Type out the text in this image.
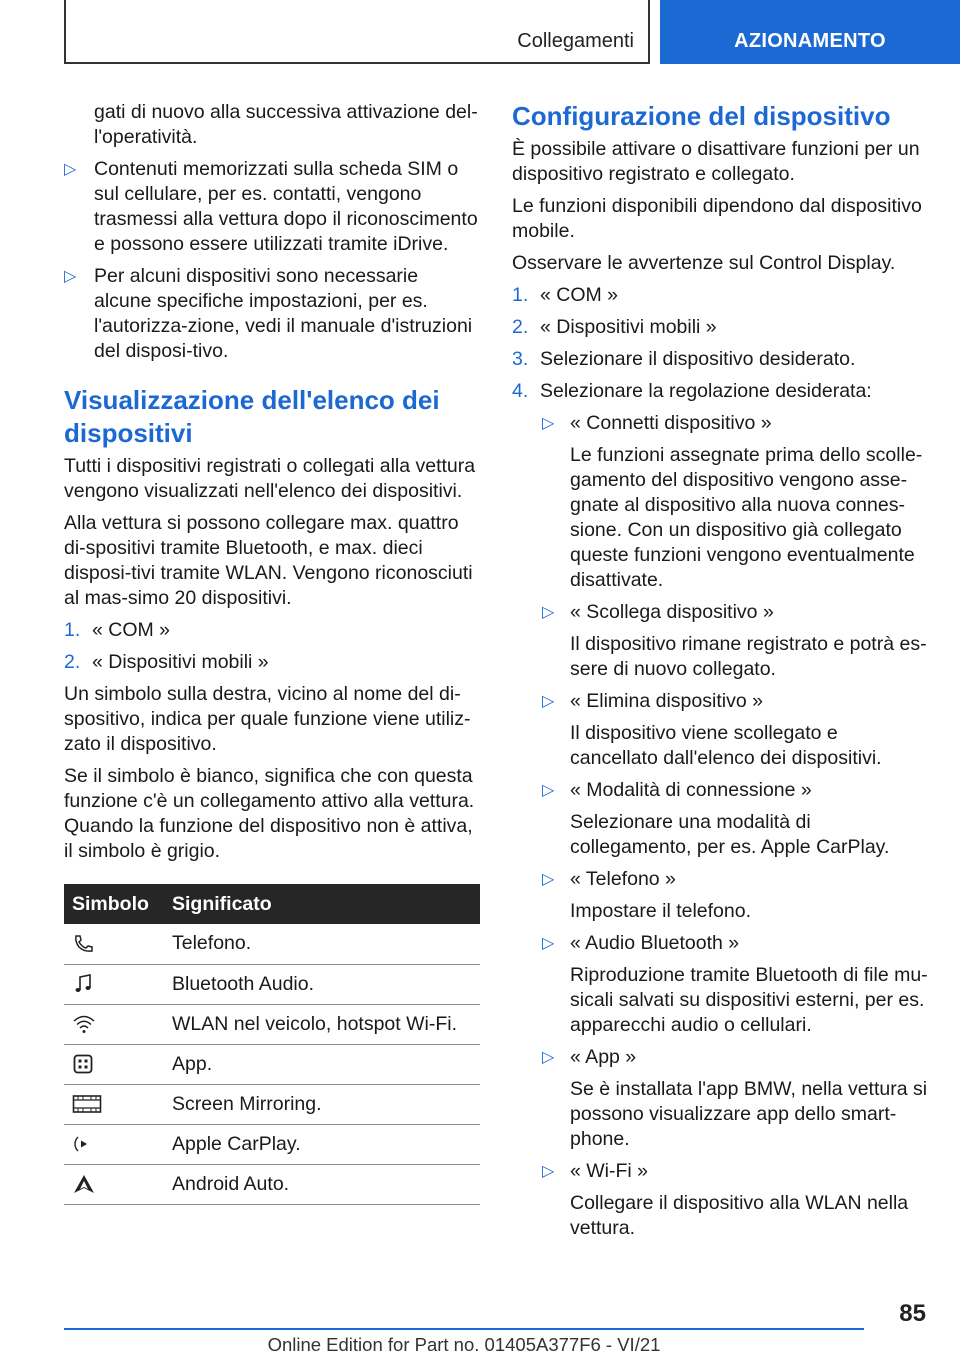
Collegamenti	AZIONAMENTO
gati di nuovo alla successiva attivazione del-
l'operatività.
▷ Contenuti memorizzati sulla scheda SIM o sul cellulare, per es. contatti, vengono trasmessi alla vettura dopo il riconoscimento e possono essere utilizzati tramite iDrive.
▷ Per alcuni dispositivi sono necessarie alcune specifiche impostazioni, per es. l'autorizza-zione, vedi il manuale d'istruzioni del disposi-tivo.
Visualizzazione dell'elenco dei dispositivi

Tutti i dispositivi registrati o collegati alla vettura vengono visualizzati nell'elenco dei dispositivi.

Alla vettura si possono collegare max. quattro di-spositivi tramite Bluetooth, e max. dieci disposi-tivi tramite WLAN. Vengono riconosciuti al mas-simo 20 dispositivi.

1. « COM »
2. « Dispositivi mobili »

Un simbolo sulla destra, vicino al nome del di-spositivo, indica per quale funzione viene utiliz-zato il dispositivo.

Se il simbolo è bianco, significa che con questa funzione c'è un collegamento attivo alla vettura. Quando la funzione del dispositivo non è attiva, il simbolo è grigio.

Simbolo	Significato

	Telefono.

	Bluetooth Audio.

	WLAN nel veicolo, hotspot Wi-Fi.

	App.

	Screen Mirroring.

	Apple CarPlay.

	Android Auto.
Configurazione del dispositivo

È possibile attivare o disattivare funzioni per un dispositivo registrato e collegato.

Le funzioni disponibili dipendono dal dispositivo mobile.

Osservare le avvertenze sul Control Display.

1. « COM »
2. « Dispositivi mobili »
3. Selezionare il dispositivo desiderato.
4. Selezionare la regolazione desiderata:
▷ « Connetti dispositivo »
Le funzioni assegnate prima dello scolle-gamento del dispositivo vengono asse-gnate al dispositivo alla nuova connes-sione. Con un dispositivo già collegato queste funzioni vengono eventualmente disattivate.
▷ « Scollega dispositivo »
Il dispositivo rimane registrato e potrà es-sere di nuovo collegato.
▷ « Elimina dispositivo »
Il dispositivo viene scollegato e cancellato dall'elenco dei dispositivi.
▷ « Modalità di connessione »
Selezionare una modalità di collegamento, per es. Apple CarPlay.
▷ « Telefono »
Impostare il telefono.
▷ « Audio Bluetooth »
Riproduzione tramite Bluetooth di file mu-sicali salvati su dispositivi esterni, per es. apparecchi audio o cellulari.
▷ « App »
Se è installata l'app BMW, nella vettura si possono visualizzare app dello smart-phone.
▷ « Wi-Fi »
Collegare il dispositivo alla WLAN nella vettura.
85
Online Edition for Part no. 01405A377F6 - VI/21
